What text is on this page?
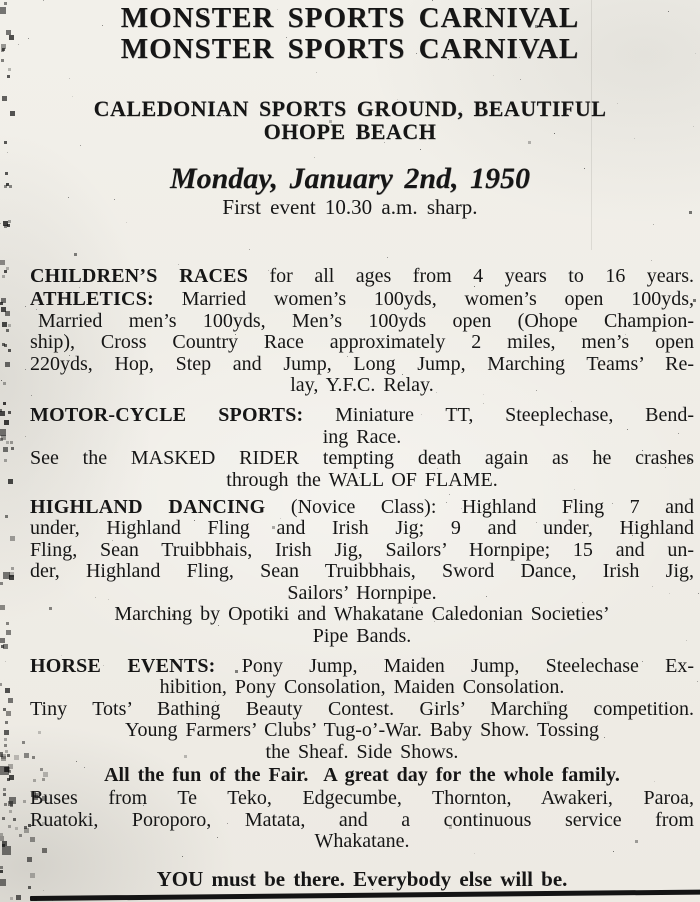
MONSTER SPORTS CARNIVAL
MONSTER SPORTS CARNIVAL
CALEDONIAN SPORTS GROUND, BEAUTIFUL
OHOPE BEACH
Monday, January 2nd, 1950
First event 10.30 a.m. sharp.
CHILDREN’S RACES for all ages from 4 years to 16 years.
ATHLETICS: Married women’s 100yds, women’s open 100yds,
Married men’s 100yds, Men’s 100yds open (Ohope Champion-
ship), Cross Country Race approximately 2 miles, men’s open
220yds, Hop, Step and Jump, Long Jump, Marching Teams’ Re-
lay, Y.F.C. Relay.
MOTOR-CYCLE SPORTS: Miniature TT, Steeplechase, Bend-
ing Race.
See the MASKED RIDER tempting death again as he crashes
through the WALL OF FLAME.
HIGHLAND DANCING (Novice Class): Highland Fling 7 and
under, Highland Fling and Irish Jig; 9 and under, Highland
Fling, Sean Truibbhais, Irish Jig, Sailors’ Hornpipe; 15 and un-
der, Highland Fling, Sean Truibbhais, Sword Dance, Irish Jig,
Sailors’ Hornpipe.
Marching by Opotiki and Whakatane Caledonian Societies’
Pipe Bands.
HORSE EVENTS: Pony Jump, Maiden Jump, Steelechase Ex-
hibition, Pony Consolation, Maiden Consolation.
Tiny Tots’ Bathing Beauty Contest. Girls’ Marching competition.
Young Farmers’ Clubs’ Tug-o’-War. Baby Show. Tossing
the Sheaf. Side Shows.
All the fun of the Fair.  A great day for the whole family.
Buses from Te Teko, Edgecumbe, Thornton, Awakeri, Paroa,
Ruatoki, Poroporo, Matata, and a continuous service from
Whakatane.
YOU must be there. Everybody else will be.
